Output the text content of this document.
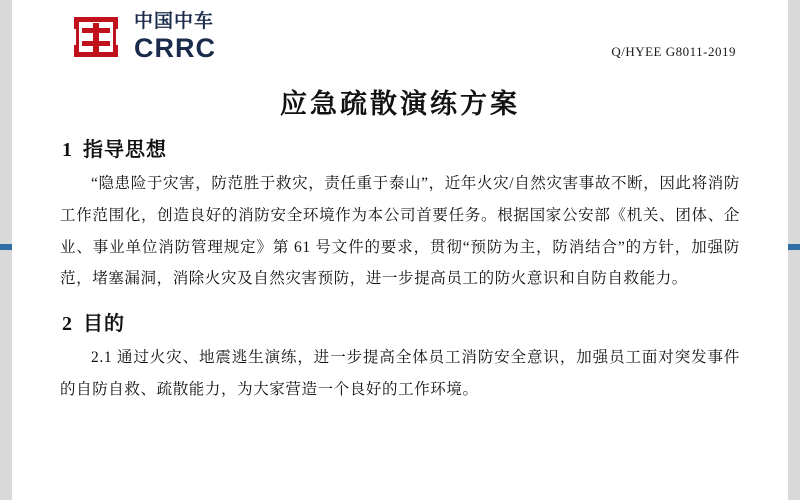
中国中车
CRRC	Q/HYEE G8011-2019
应急疏散演练方案
1 指导思想

“隐患险于灾害，防范胜于救灾，责任重于泰山”，近年火灾/自然灾害事故不断，因此将消防工作范围化，创造良好的消防安全环境作为本公司首要任务。根据国家公安部《机关、团体、企业、事业单位消防管理规定》第 61 号文件的要求，贯彻“预防为主，防消结合”的方针，加强防范，堵塞漏洞，消除火灾及自然灾害预防，进一步提高员工的防火意识和自防自救能力。

2 目的

2.1 通过火灾、地震逃生演练，进一步提高全体员工消防安全意识，加强员工面对突发事件的自防自救、疏散能力，为大家营造一个良好的工作环境。
